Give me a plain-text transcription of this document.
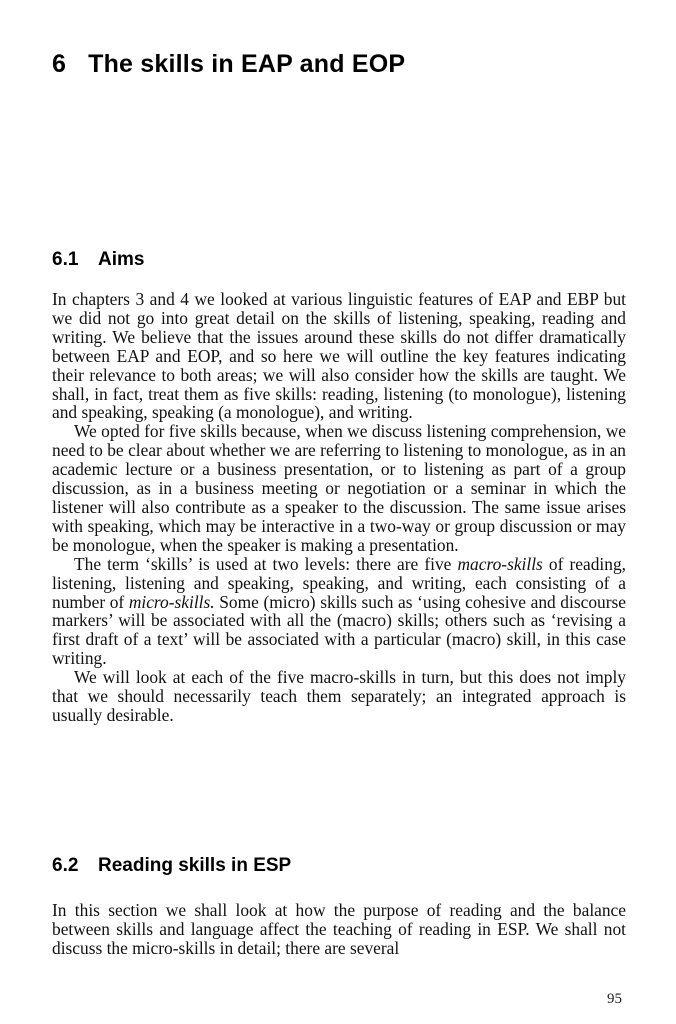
6 The skills in EAP and EOP
6.1 Aims

In chapters 3 and 4 we looked at various linguistic features of EAP and EBP but we did not go into great detail on the skills of listening, speaking, reading and writing. We believe that the issues around these skills do not differ dramatically between EAP and EOP, and so here we will outline the key features indicating their relevance to both areas; we will also consider how the skills are taught. We shall, in fact, treat them as five skills: reading, listening (to monologue), listening and speaking, speaking (a monologue), and writing.

We opted for five skills because, when we discuss listening comprehension, we need to be clear about whether we are referring to listening to monologue, as in an academic lecture or a business presentation, or to listening as part of a group discussion, as in a business meeting or negotiation or a seminar in which the listener will also contribute as a speaker to the discussion. The same issue arises with speaking, which may be interactive in a two-way or group discussion or may be monologue, when the speaker is making a presentation.

The term ‘skills’ is used at two levels: there are five macro-skills of reading, listening, listening and speaking, speaking, and writing, each consisting of a number of micro-skills. Some (micro) skills such as ‘using cohesive and discourse markers’ will be associated with all the (macro) skills; others such as ‘revising a first draft of a text’ will be associated with a particular (macro) skill, in this case writing.

We will look at each of the five macro-skills in turn, but this does not imply that we should necessarily teach them separately; an integrated approach is usually desirable.

6.2 Reading skills in ESP

In this section we shall look at how the purpose of reading and the balance between skills and language affect the teaching of reading in ESP. We shall not discuss the micro-skills in detail; there are several

95
